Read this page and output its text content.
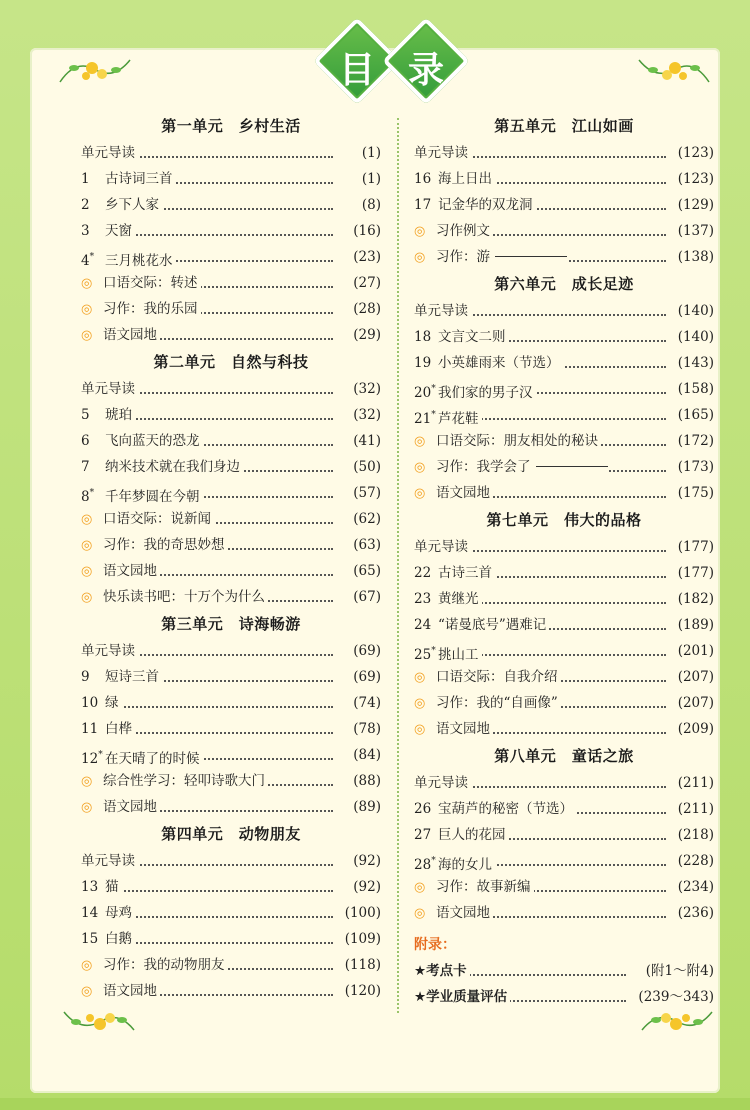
目 录
第一单元　乡村生活
单元导读	(1)
1 古诗词三首	(1)
2 乡下人家	(8)
3 天窗	(16)
4* 三月桃花水	(23)
◎ 口语交际：转述	(27)
◎ 习作：我的乐园	(28)
◎ 语文园地	(29)
第二单元　自然与科技
单元导读	(32)
5 琥珀	(32)
6 飞向蓝天的恐龙	(41)
7 纳米技术就在我们身边	(50)
8* 千年梦圆在今朝	(57)
◎ 口语交际：说新闻	(62)
◎ 习作：我的奇思妙想	(63)
◎ 语文园地	(65)
◎ 快乐读书吧：十万个为什么	(67)
第三单元　诗海畅游
单元导读	(69)
9 短诗三首	(69)
10 绿	(74)
11 白桦	(78)
12* 在天晴了的时候	(84)
◎ 综合性学习：轻叩诗歌大门	(88)
◎ 语文园地	(89)
第四单元　动物朋友
单元导读	(92)
13 猫	(92)
14 母鸡	(100)
15 白鹅	(109)
◎ 习作：我的动物朋友	(118)
◎ 语文园地	(120)
第五单元　江山如画
单元导读	(123)
16 海上日出	(123)
17 记金华的双龙洞	(129)
◎ 习作例文	(137)
◎ 习作：游	(138)
第六单元　成长足迹
单元导读	(140)
18 文言文二则	(140)
19 小英雄雨来（节选）	(143)
20* 我们家的男子汉	(158)
21* 芦花鞋	(165)
◎ 口语交际：朋友相处的秘诀	(172)
◎ 习作：我学会了	(173)
◎ 语文园地	(175)
第七单元　伟大的品格
单元导读	(177)
22 古诗三首	(177)
23 黄继光	(182)
24 “诺曼底号”遇难记	(189)
25* 挑山工	(201)
◎ 口语交际：自我介绍	(207)
◎ 习作：我的“自画像”	(207)
◎ 语文园地	(209)
第八单元　童话之旅
单元导读	(211)
26 宝葫芦的秘密（节选）	(211)
27 巨人的花园	(218)
28* 海的女儿	(228)
◎ 习作：故事新编	(234)
◎ 语文园地	(236)
附录：
★考点卡	(附1～附4)
★学业质量评估	(239～343)
